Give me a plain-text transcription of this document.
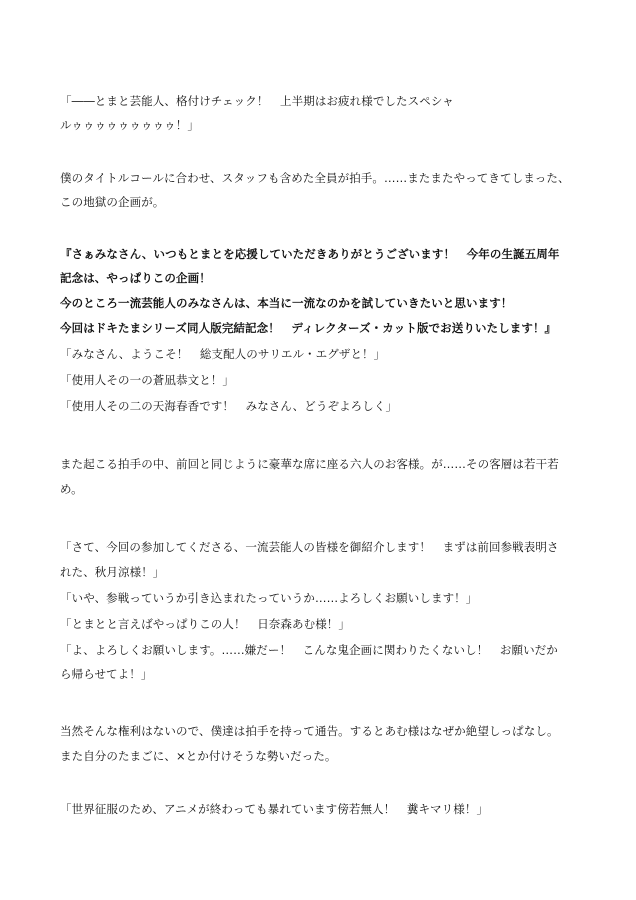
「――とまと芸能人、格付けチェック！　上半期はお疲れ様でしたスペシャ
ルゥゥゥゥゥゥゥゥゥ！」
僕のタイトルコールに合わせ、スタッフも含めた全員が拍手。……またまたやってきてしまった、
この地獄の企画が。
『さぁみなさん、いつもとまとを応援していただきありがとうございます！　今年の生誕五周年
記念は、やっぱりこの企画！
今のところ一流芸能人のみなさんは、本当に一流なのかを試していきたいと思います！
今回はドキたまシリーズ同人版完結記念！　ディレクターズ・カット版でお送りいたします！』
「みなさん、ようこそ！　総支配人のサリエル・エグザと！」
「使用人その一の蒼凪恭文と！」
「使用人その二の天海春香です！　みなさん、どうぞよろしく」
また起こる拍手の中、前回と同じように豪華な席に座る六人のお客様。が……その客層は若干若
め。
「さて、今回の参加してくださる、一流芸能人の皆様を御紹介します！　まずは前回参戦表明さ
れた、秋月涼様！」
「いや、参戦っていうか引き込まれたっていうか……よろしくお願いします！」
「とまとと言えばやっぱりこの人！　日奈森あむ様！」
「よ、よろしくお願いします。……嫌だー！　こんな鬼企画に関わりたくないし！　お願いだか
ら帰らせてよ！」
当然そんな権利はないので、僕達は拍手を持って通告。するとあむ様はなぜか絶望しっぱなし。
また自分のたまごに、×とか付けそうな勢いだった。
「世界征服のため、アニメが終わっても暴れています傍若無人！　糞キマリ様！」
